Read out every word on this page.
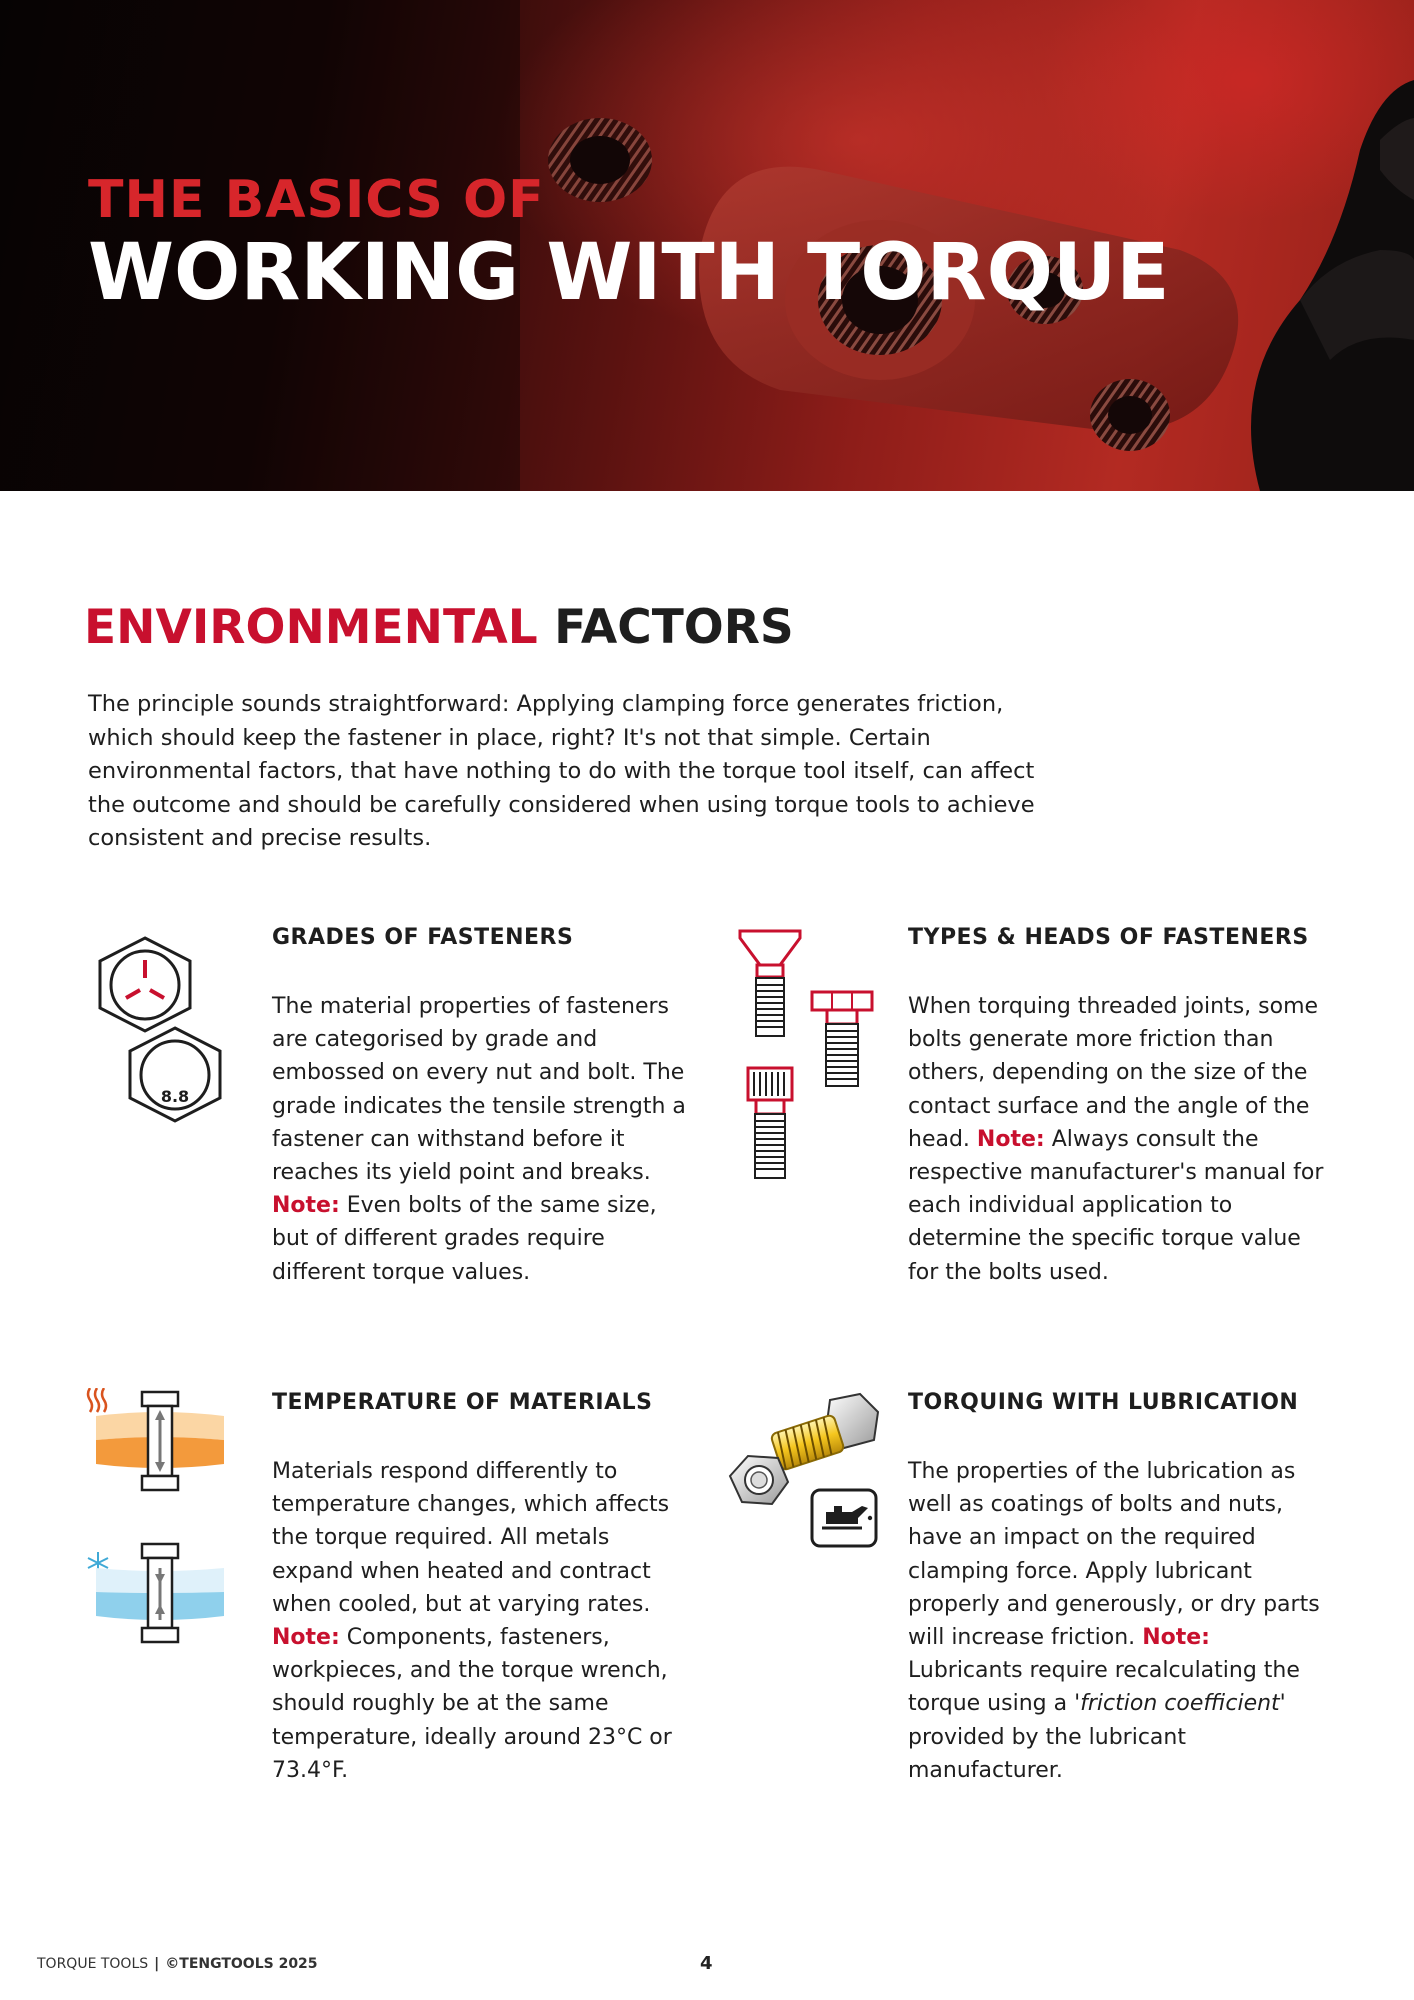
THE BASICS OF

WORKING WITH TORQUE
ENVIRONMENTAL FACTORS

The principle sounds straightforward: Applying clamping force generates friction, which should keep the fastener in place, right? It's not that simple. Certain environmental factors, that have nothing to do with the torque tool itself, can affect the outcome and should be carefully considered when using torque tools to achieve consistent and precise results.

8.8
GRADES OF FASTENERS

The material properties of fasteners are categorised by grade and embossed on every nut and bolt. The grade indicates the tensile strength a fastener can withstand before it reaches its yield point and breaks. Note: Even bolts of the same size, but of different grades require different torque values.

TYPES & HEADS OF FASTENERS

When torquing threaded joints, some bolts generate more friction than others, depending on the size of the contact surface and the angle of the head. Note: Always consult the respective manufacturer's manual for each individual application to determine the specific torque value for the bolts used.

TEMPERATURE OF MATERIALS

Materials respond differently to temperature changes, which affects the torque required. All metals expand when heated and contract when cooled, but at varying rates. Note: Components, fasteners, workpieces, and the torque wrench, should roughly be at the same temperature, ideally around 23°C or 73.4°F.

TORQUING WITH LUBRICATION

The properties of the lubrication as well as coatings of bolts and nuts, have an impact on the required clamping force. Apply lubricant properly and generously, or dry parts will increase friction. Note: Lubricants require recalculating the torque using a 'friction coefficient' provided by the lubricant manufacturer.

TORQUE TOOLS | ©TENGTOOLS 2025	4
